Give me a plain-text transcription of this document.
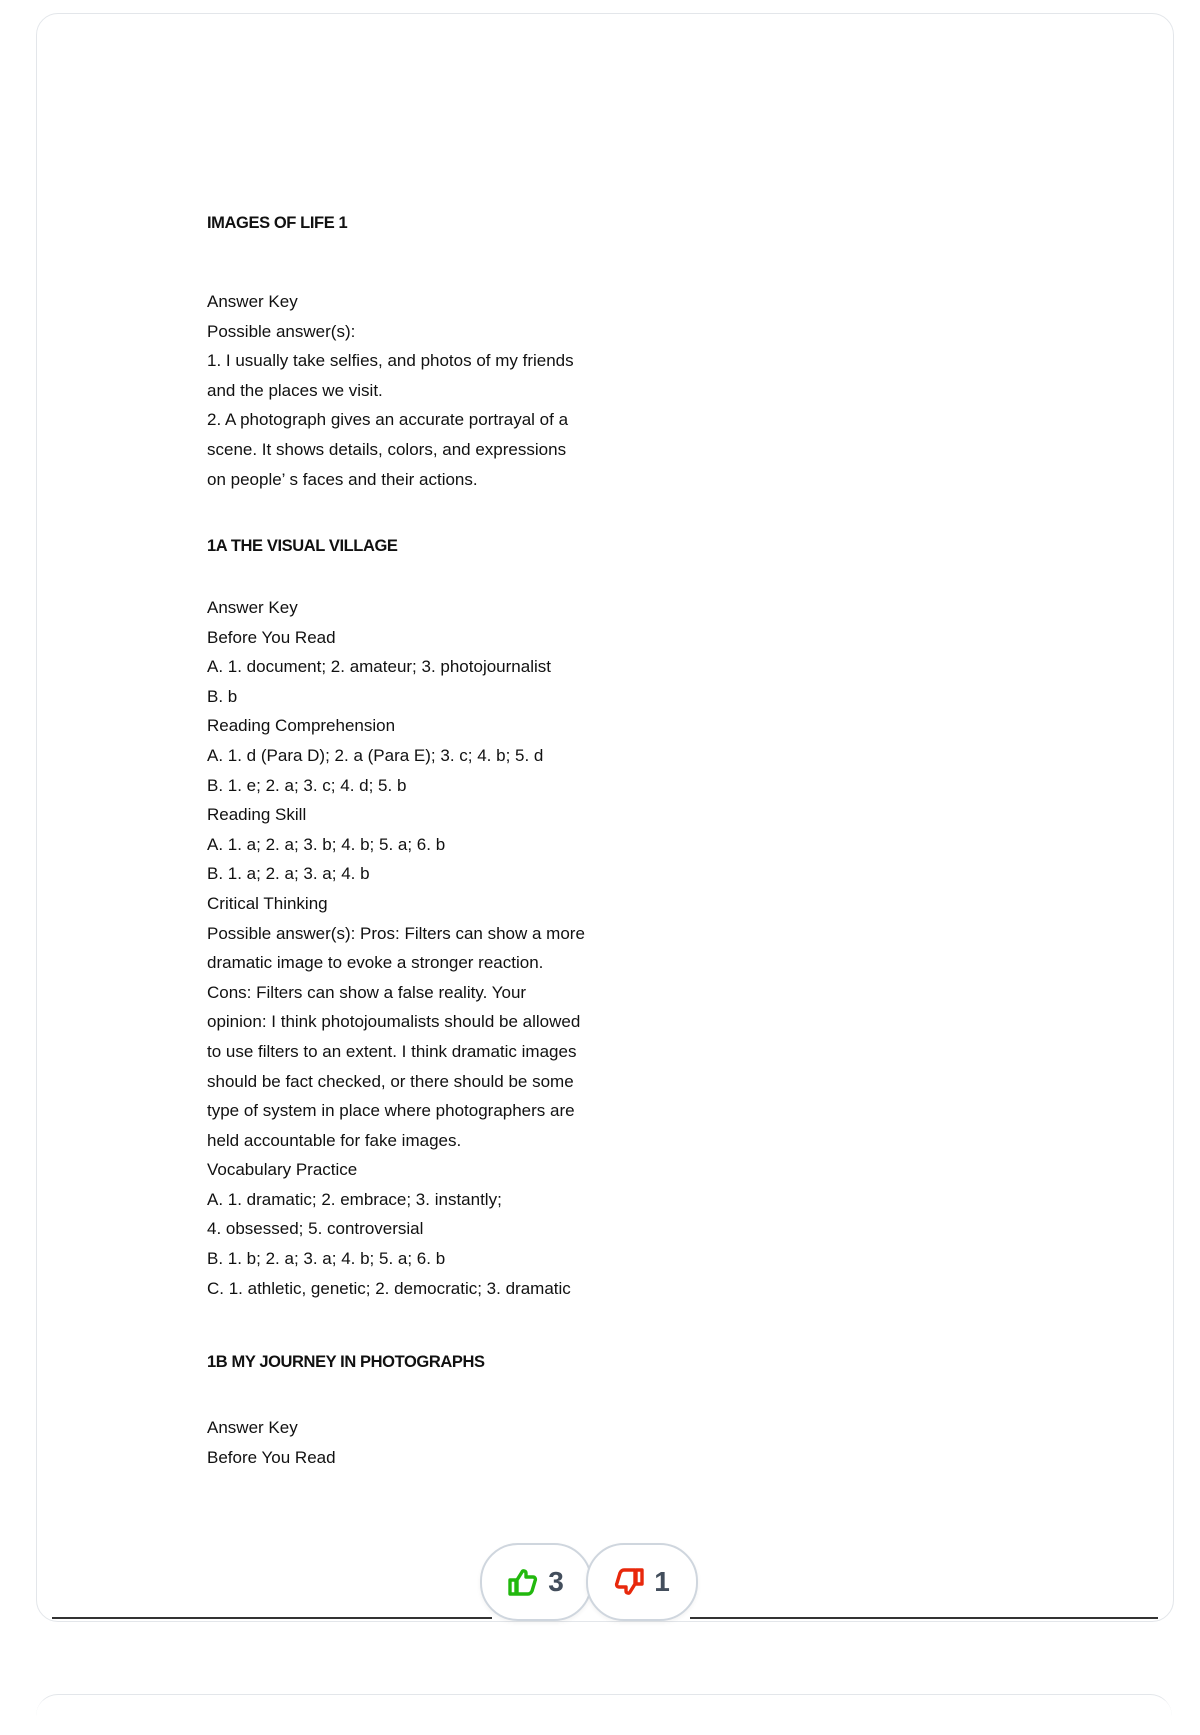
IMAGES OF LIFE 1
Answer Key
Possible answer(s):
1. I usually take selfies, and photos of my friends
and the places we visit.
2. A photograph gives an accurate portrayal of a
scene. It shows details, colors, and expressions
on people’ s faces and their actions.
1A THE VISUAL VILLAGE
Answer Key
Before You Read
A. 1. document; 2. amateur; 3. photojournalist
B. b
Reading Comprehension
A. 1. d (Para D); 2. a (Para E); 3. c; 4. b; 5. d
B. 1. e; 2. a; 3. c; 4. d; 5. b
Reading Skill
A. 1. a; 2. a; 3. b; 4. b; 5. a; 6. b
B. 1. a; 2. a; 3. a; 4. b
Critical Thinking
Possible answer(s): Pros: Filters can show a more
dramatic image to evoke a stronger reaction.
Cons: Filters can show a false reality. Your
opinion: I think photojoumalists should be allowed
to use filters to an extent. I think dramatic images
should be fact checked, or there should be some
type of system in place where photographers are
held accountable for fake images.
Vocabulary Practice
A. 1. dramatic; 2. embrace; 3. instantly;
4. obsessed; 5. controversial
B. 1. b; 2. a; 3. a; 4. b; 5. a; 6. b
C. 1. athletic, genetic; 2. democratic; 3. dramatic
1B MY JOURNEY IN PHOTOGRAPHS
Answer Key
Before You Read
3	1
